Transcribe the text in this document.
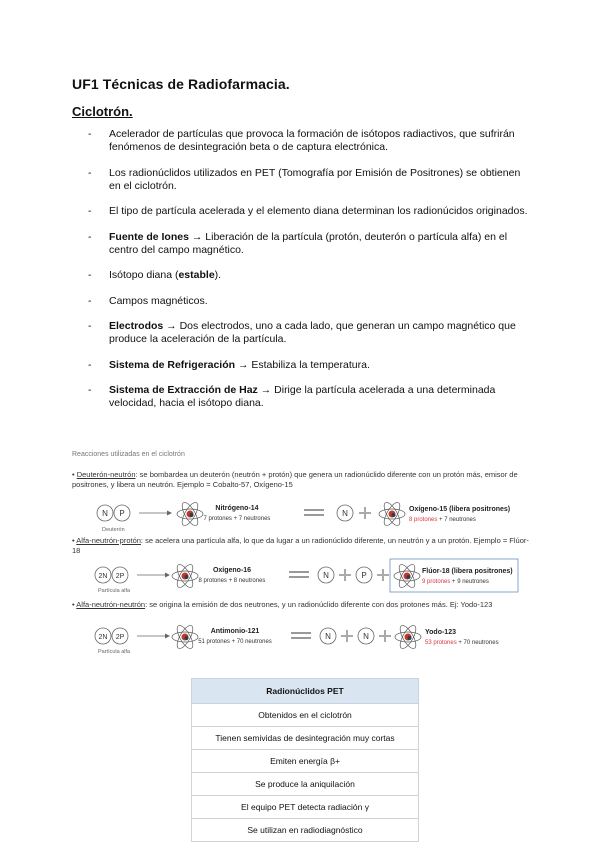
UF1 Técnicas de Radiofarmacia.
Ciclotrón.
- Acelerador de partículas que provoca la formación de isótopos radiactivos, que sufrirán fenómenos de desintegración beta o de captura electrónica.
- Los radionúclidos utilizados en PET (Tomografía por Emisión de Positrones) se obtienen en el ciclotrón.
- El tipo de partícula acelerada y el elemento diana determinan los radionúcidos originados.
- Fuente de Iones → Liberación de la partícula (protón, deuterón o partícula alfa) en el centro del campo magnético.
- Isótopo diana (estable).
- Campos magnéticos.
- Electrodos → Dos electrodos, uno a cada lado, que generan un campo magnético que produce la aceleración de la partícula.
- Sistema de Refrigeración → Estabiliza la temperatura.
- Sistema de Extracción de Haz → Dirige la partícula acelerada a una determinada velocidad, hacia el isótopo diana.
Reacciones utilizadas en el ciclotrón
• Deuterón-neutrón: se bombardea un deuterón (neutrón + protón) que genera un radionúclido diferente con un protón más, emisor de positrones, y libera un neutrón. Ejemplo = Cobalto-57, Oxígeno-15
N P
Deuterón
Nitrógeno-14
7 protones + 7 neutrones
N	Oxígeno-15 (libera positrones)
8 protones + 7 neutrones
• Alfa-neutrón-protón: se acelera una partícula alfa, lo que da lugar a un radionúclido diferente, un neutrón y a un protón. Ejemplo = Flúor-18
2N 2P
Partícula alfa
Oxígeno-16
8 protones + 8 neutrones
N	P	Flúor-18 (libera positrones)
9 protones + 9 neutrones
• Alfa-neutrón-neutrón: se origina la emisión de dos neutrones, y un radionúclido diferente con dos protones más. Ej: Yodo-123
2N 2P
Partícula alfa
Antimonio-121
51 protones + 70 neutrones
N	N	Yodo-123
53 protones + 70 neutrones
Radionúclidos PET
Obtenidos en el ciclotrón
Tienen semividas de desintegración muy cortas
Emiten energía β+
Se produce la aniquilación
El equipo PET detecta radiación γ
Se utilizan en radiodiagnóstico
